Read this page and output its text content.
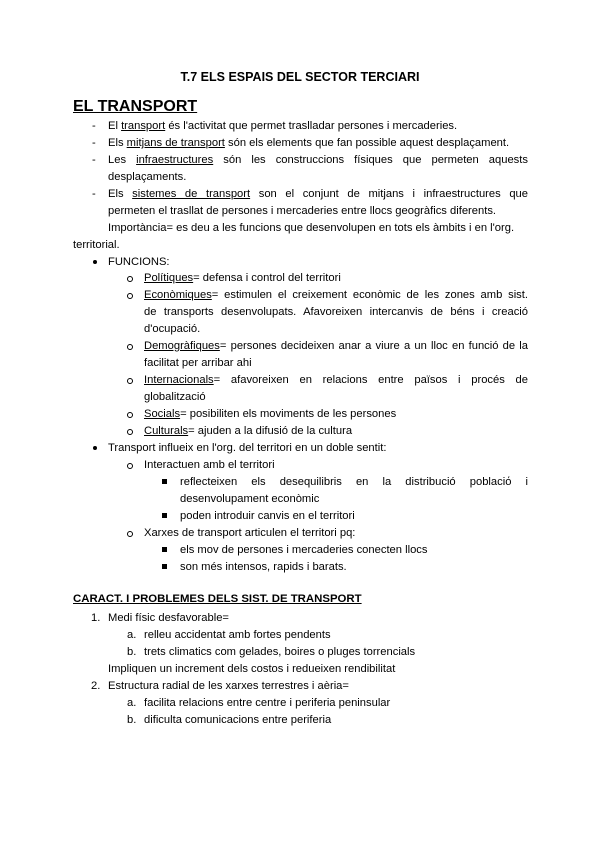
T.7 ELS ESPAIS DEL SECTOR TERCIARI
EL TRANSPORT
- El transport és l'activitat que permet traslladar persones i mercaderies.
- Els mitjans de transport són els elements que fan possible aquest desplaçament.
- Les infraestructures són les construccions físiques que permeten aquests
desplaçaments.
- Els sistemes de transport son el conjunt de mitjans i infraestructures que
permeten el trasllat de persones i mercaderies entre llocs geogràfics diferents.
Importància= es deu a les funcions que desenvolupen en tots els àmbits i en l'org.
territorial.
FUNCIONS:
Polítiques= defensa i control del territori
Econòmiques= estimulen el creixement econòmic de les zones amb sist.
de transports desenvolupats. Afavoreixen intercanvis de béns i creació
d'ocupació.
Demogràfiques= persones decideixen anar a viure a un lloc en funció de la
facilitat per arribar ahi
Internacionals= afavoreixen en relacions entre països i procés de
globalització
Socials= posibiliten els moviments de les persones
Culturals= ajuden a la difusió de la cultura
Transport influeix en l'org. del territori en un doble sentit:
Interactuen amb el territori
reflecteixen els desequilibris en la distribució poblaciό i
desenvolupament econòmic
poden introduir canvis en el territori
Xarxes de transport articulen el territori pq:
els mov de persones i mercaderies conecten llocs
son més intensos, rapids i barats.
CARACT. I PROBLEMES DELS SIST. DE TRANSPORT
1. Medi físic desfavorable=
a. relleu accidentat amb fortes pendents
b. trets climatics com gelades, boires o pluges torrencials
Impliquen un increment dels costos i redueixen rendibilitat
2. Estructura radial de les xarxes terrestres i aèria=
a. facilita relacions entre centre i periferia peninsular
b. dificulta comunicacions entre periferia
